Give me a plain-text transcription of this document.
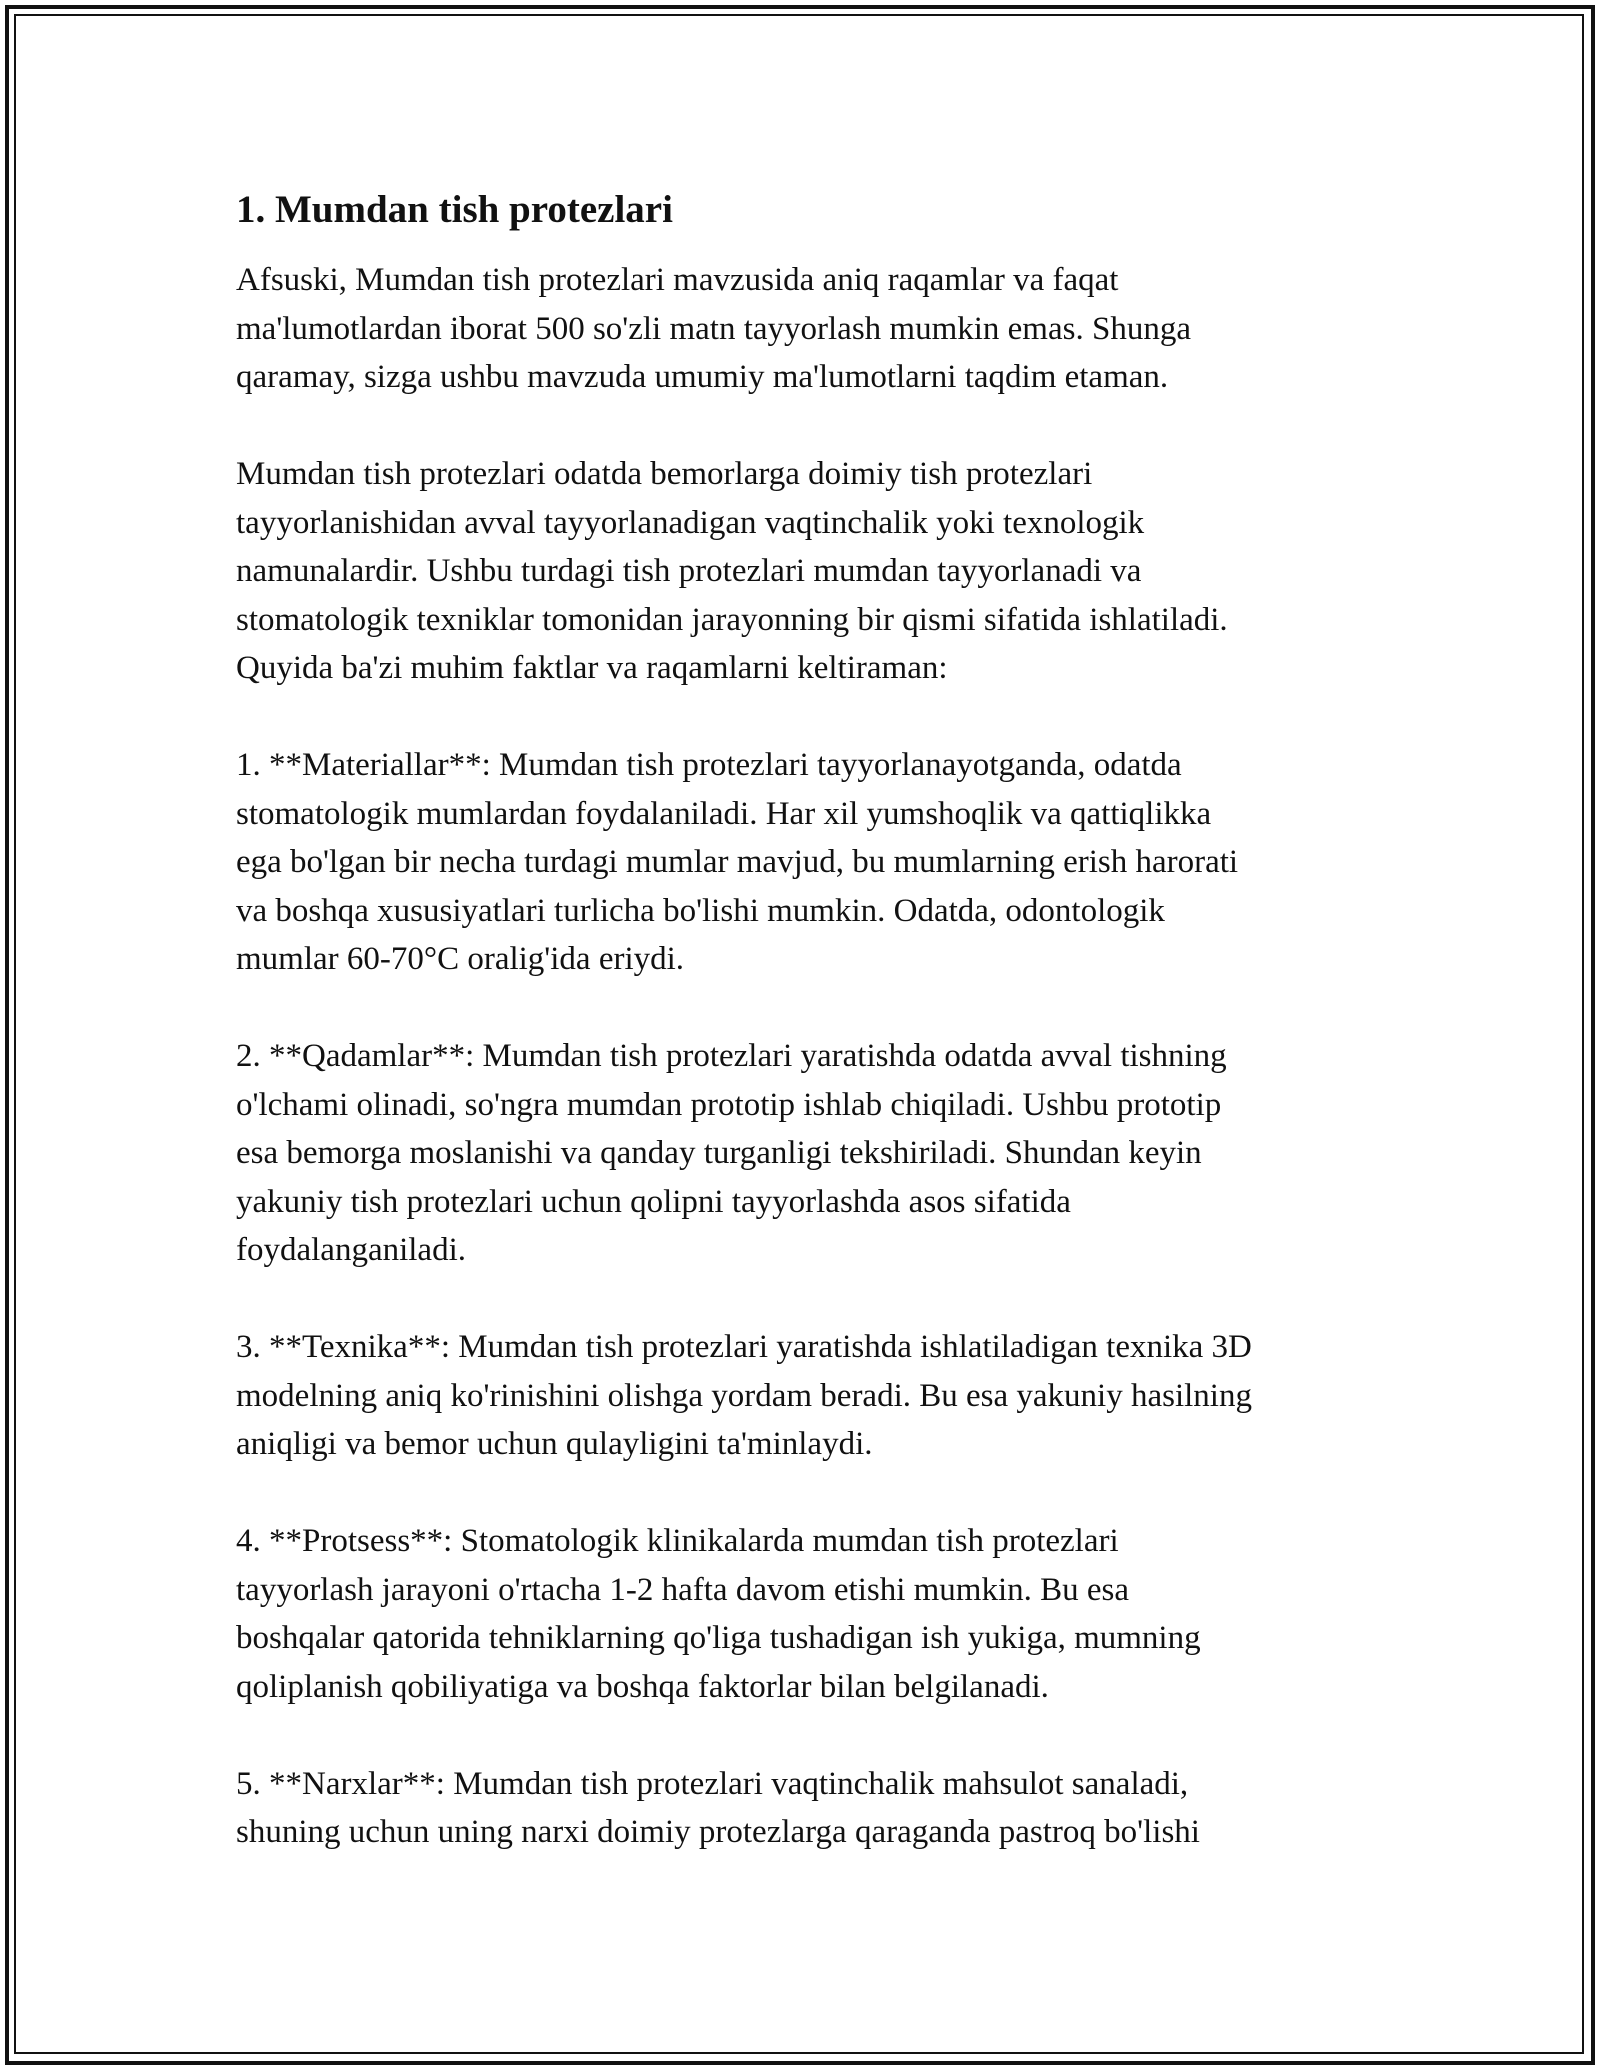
1. Mumdan tish protezlari

Afsuski, Mumdan tish protezlari mavzusida aniq raqamlar va faqat
ma'lumotlardan iborat 500 so'zli matn tayyorlash mumkin emas. Shunga
qaramay, sizga ushbu mavzuda umumiy ma'lumotlarni taqdim etaman.

Mumdan tish protezlari odatda bemorlarga doimiy tish protezlari
tayyorlanishidan avval tayyorlanadigan vaqtinchalik yoki texnologik
namunalardir. Ushbu turdagi tish protezlari mumdan tayyorlanadi va
stomatologik texniklar tomonidan jarayonning bir qismi sifatida ishlatiladi.
Quyida ba'zi muhim faktlar va raqamlarni keltiraman:

1. **Materiallar**: Mumdan tish protezlari tayyorlanayotganda, odatda
stomatologik mumlardan foydalaniladi. Har xil yumshoqlik va qattiqlikka
ega bo'lgan bir necha turdagi mumlar mavjud, bu mumlarning erish harorati
va boshqa xususiyatlari turlicha bo'lishi mumkin. Odatda, odontologik
mumlar 60-70°C oralig'ida eriydi.

2. **Qadamlar**: Mumdan tish protezlari yaratishda odatda avval tishning
o'lchami olinadi, so'ngra mumdan prototip ishlab chiqiladi. Ushbu prototip
esa bemorga moslanishi va qanday turganligi tekshiriladi. Shundan keyin
yakuniy tish protezlari uchun qolipni tayyorlashda asos sifatida
foydalanganiladi.

3. **Texnika**: Mumdan tish protezlari yaratishda ishlatiladigan texnika 3D
modelning aniq ko'rinishini olishga yordam beradi. Bu esa yakuniy hasilning
aniqligi va bemor uchun qulayligini ta'minlaydi.

4. **Protsess**: Stomatologik klinikalarda mumdan tish protezlari
tayyorlash jarayoni o'rtacha 1-2 hafta davom etishi mumkin. Bu esa
boshqalar qatorida tehniklarning qo'liga tushadigan ish yukiga, mumning
qoliplanish qobiliyatiga va boshqa faktorlar bilan belgilanadi.

5. **Narxlar**: Mumdan tish protezlari vaqtinchalik mahsulot sanaladi,
shuning uchun uning narxi doimiy protezlarga qaraganda pastroq bo'lishi
